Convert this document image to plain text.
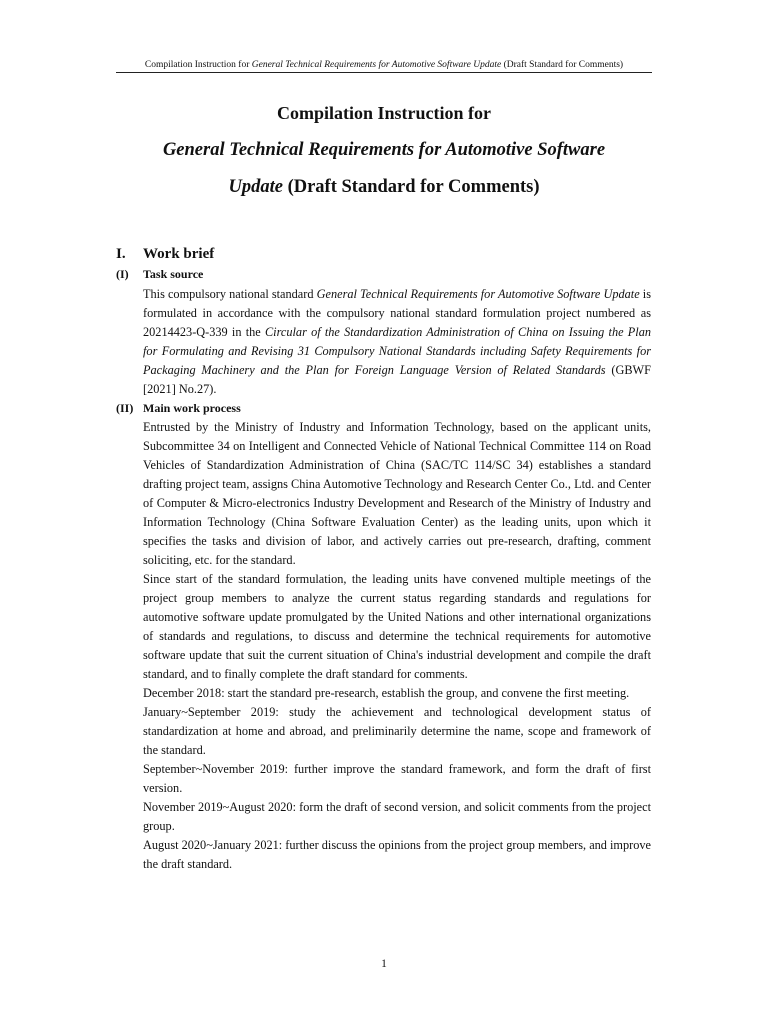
Compilation Instruction for General Technical Requirements for Automotive Software Update (Draft Standard for Comments)
Compilation Instruction for
General Technical Requirements for Automotive Software
Update (Draft Standard for Comments)
I. Work brief
(I) Task source

This compulsory national standard General Technical Requirements for Automotive Software Update is formulated in accordance with the compulsory national standard formulation project numbered as 20214423-Q-339 in the Circular of the Standardization Administration of China on Issuing the Plan for Formulating and Revising 31 Compulsory National Standards including Safety Requirements for Packaging Machinery and the Plan for Foreign Language Version of Related Standards (GBWF [2021] No.27).

(II) Main work process

Entrusted by the Ministry of Industry and Information Technology, based on the applicant units, Subcommittee 34 on Intelligent and Connected Vehicle of National Technical Committee 114 on Road Vehicles of Standardization Administration of China (SAC/TC 114/SC 34) establishes a standard drafting project team, assigns China Automotive Technology and Research Center Co., Ltd. and Center of Computer & Micro-electronics Industry Development and Research of the Ministry of Industry and Information Technology (China Software Evaluation Center) as the leading units, upon which it specifies the tasks and division of labor, and actively carries out pre-research, drafting, comment soliciting, etc. for the standard.

Since start of the standard formulation, the leading units have convened multiple meetings of the project group members to analyze the current status regarding standards and regulations for automotive software update promulgated by the United Nations and other international organizations of standards and regulations, to discuss and determine the technical requirements for automotive software update that suit the current situation of China's industrial development and compile the draft standard, and to finally complete the draft standard for comments.

December 2018: start the standard pre-research, establish the group, and convene the first meeting.

January~September 2019: study the achievement and technological development status of standardization at home and abroad, and preliminarily determine the name, scope and framework of the standard.

September~November 2019: further improve the standard framework, and form the draft of first version.

November 2019~August 2020: form the draft of second version, and solicit comments from the project group.

August 2020~January 2021: further discuss the opinions from the project group members, and improve the draft standard.

1
